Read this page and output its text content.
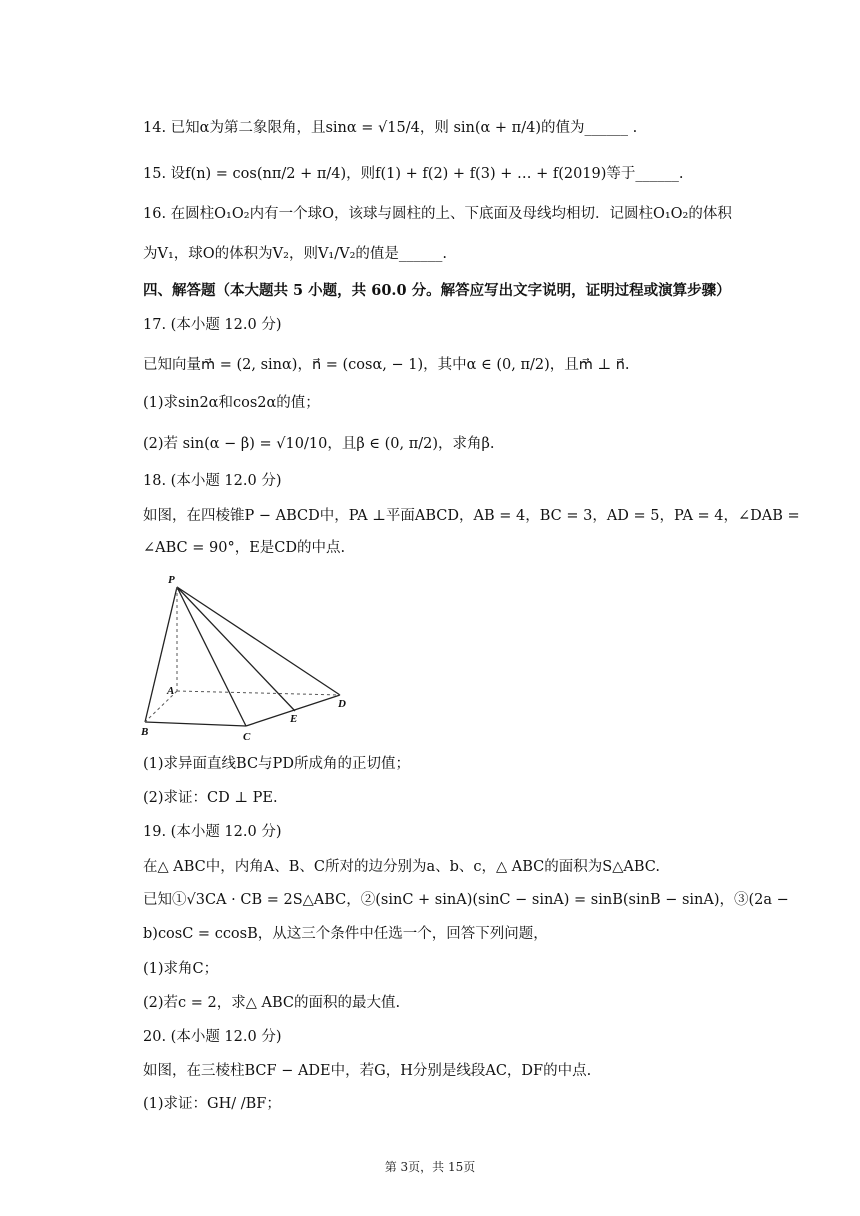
14. 已知α为第二象限角，且sinα = √15/4，则 sin(α + π/4)的值为______ .
15. 设f(n) = cos(nπ/2 + π/4)，则f(1) + f(2) + f(3) + … + f(2019)等于______.
16. 在圆柱O₁O₂内有一个球O，该球与圆柱的上、下底面及母线均相切．记圆柱O₁O₂的体积
为V₁，球O的体积为V₂，则V₁/V₂的值是______.
四、解答题（本大题共 5 小题，共 60.0 分。解答应写出文字说明，证明过程或演算步骤）
17. (本小题 12.0 分)
已知向量m⃗ = (2, sinα)，n⃗ = (cosα, − 1)，其中α ∈ (0, π/2)，且m⃗ ⊥ n⃗.
(1)求sin2α和cos2α的值；
(2)若 sin(α − β) = √10/10，且β ∈ (0, π/2)，求角β.
18. (本小题 12.0 分)
如图，在四棱锥P − ABCD中，PA ⊥平面ABCD，AB = 4，BC = 3，AD = 5，PA = 4，∠DAB =
∠ABC = 90°，E是CD的中点.
P
A
B	C
D
E
(1)求异面直线BC与PD所成角的正切值；
(2)求证：CD ⊥ PE.
19. (本小题 12.0 分)
在△ ABC中，内角A、B、C所对的边分别为a、b、c，△ ABC的面积为S△ABC.
已知①√3CA · CB = 2S△ABC，②(sinC + sinA)(sinC − sinA) = sinB(sinB − sinA)，③(2a −
b)cosC = ccosB，从这三个条件中任选一个，回答下列问题，
(1)求角C；
(2)若c = 2，求△ ABC的面积的最大值.
20. (本小题 12.0 分)
如图，在三棱柱BCF − ADE中，若G，H分别是线段AC，DF的中点.
(1)求证：GH/ /BF；
第 3页，共 15页
